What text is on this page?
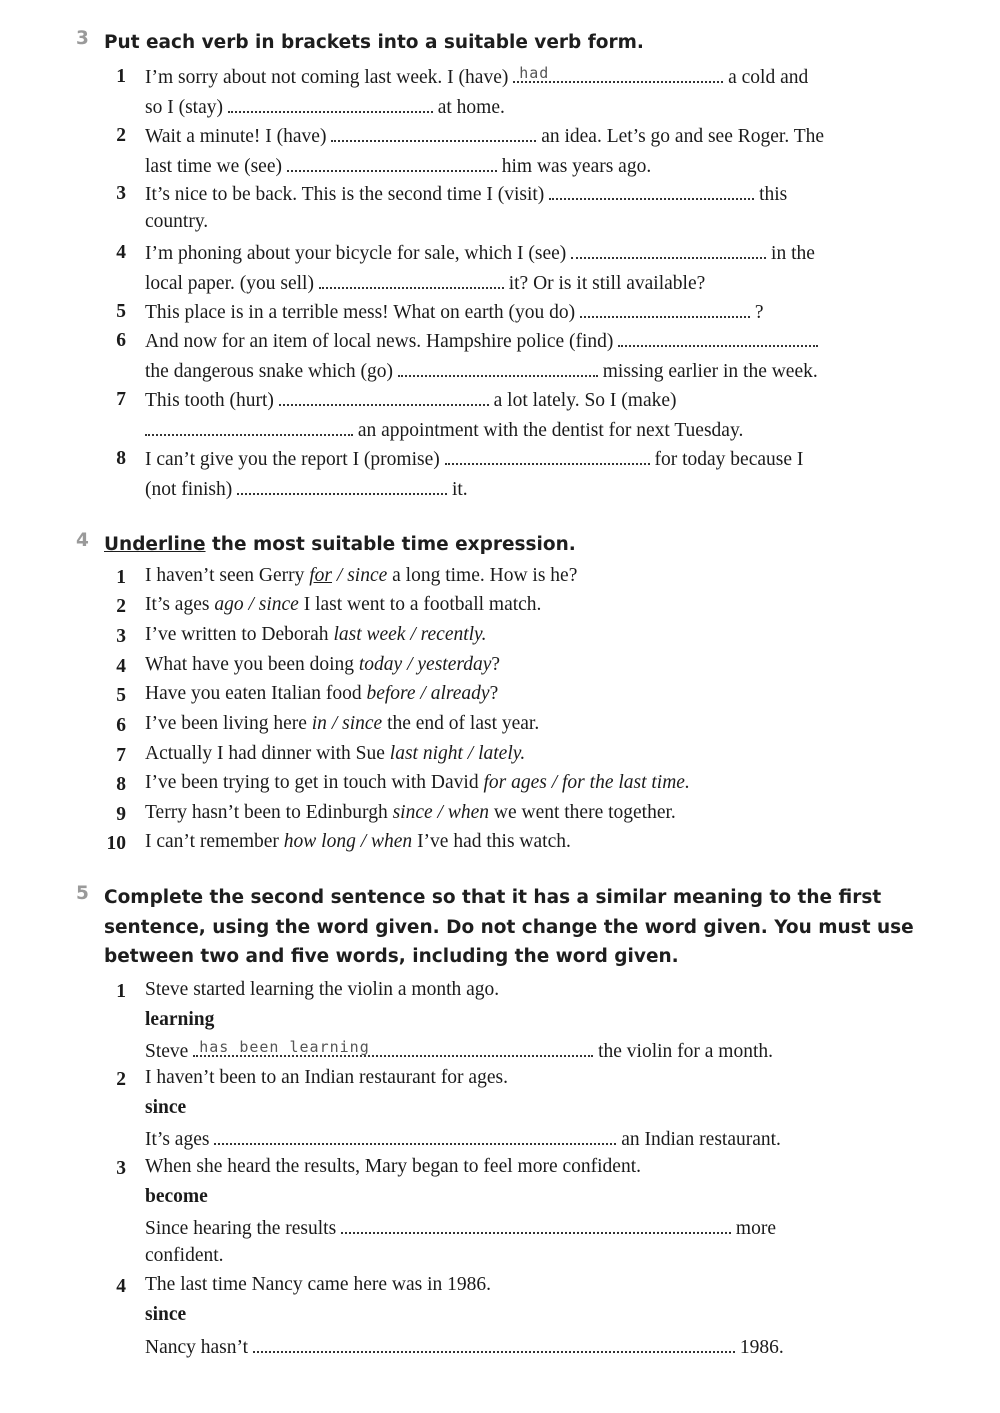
3 Put each verb in brackets into a suitable verb form.
1 I’m sorry about not coming last week. I (have) had	a cold and
so I (stay)	at home.
2 Wait a minute! I (have)	an idea. Let’s go and see Roger. The
last time we (see)	him was years ago.
3 It’s nice to be back. This is the second time I (visit)	this
country.
4 I’m phoning about your bicycle for sale, which I (see)	in the
local paper. (you sell)	it? Or is it still available?
5 This place is in a terrible mess! What on earth (you do)	?
6 And now for an item of local news. Hampshire police (find)
the dangerous snake which (go)	missing earlier in the week.
7 This tooth (hurt)	a lot lately. So I (make)
an appointment with the dentist for next Tuesday.
8 I can’t give you the report I (promise)	for today because I
(not finish)	it.
4 Underline the most suitable time expression.
1 I haven’t seen Gerry for / since a long time. How is he?
2 It’s ages ago / since I last went to a football match.
3 I’ve written to Deborah last week / recently.
4 What have you been doing today / yesterday?
5 Have you eaten Italian food before / already?
6 I’ve been living here in / since the end of last year.
7 Actually I had dinner with Sue last night / lately.
8 I’ve been trying to get in touch with David for ages / for the last time.
9 Terry hasn’t been to Edinburgh since / when we went there together.
10 I can’t remember how long / when I’ve had this watch.
5 Complete the second sentence so that it has a similar meaning to the first
sentence, using the word given. Do not change the word given. You must use
between two and five words, including the word given.
1 Steve started learning the violin a month ago.
learning
Steve has been learning	the violin for a month.
2 I haven’t been to an Indian restaurant for ages.
since
It’s ages	an Indian restaurant.
3 When she heard the results, Mary began to feel more confident.
become
Since hearing the results	more
confident.
4 The last time Nancy came here was in 1986.
since
Nancy hasn’t	1986.
